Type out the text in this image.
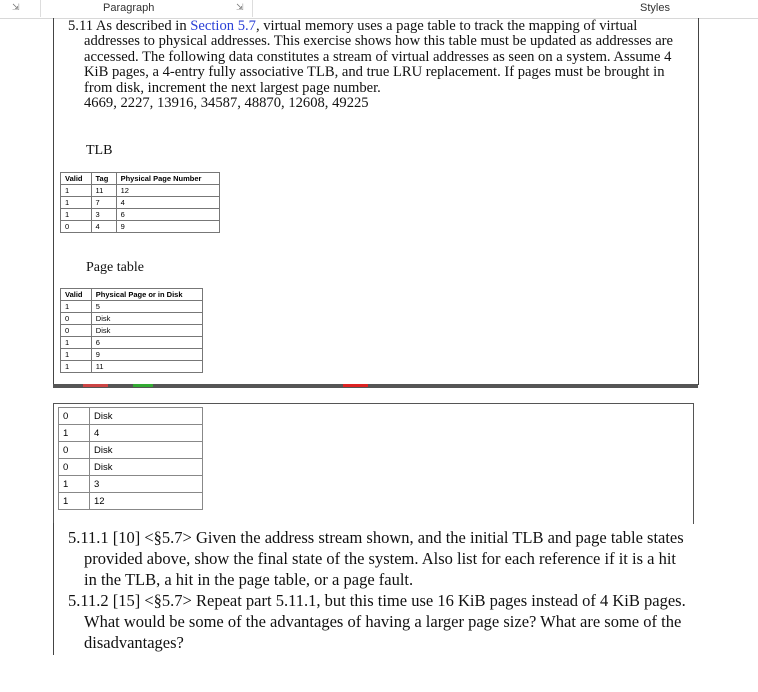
⇲	Paragraph	⇲	Styles

5.11 As described in Section 5.7, virtual memory uses a page table to track the mapping of virtual addresses to physical addresses. This exercise shows how this table must be updated as addresses are accessed. The following data constitutes a stream of virtual addresses as seen on a system. Assume 4 KiB pages, a 4-entry fully associative TLB, and true LRU replacement. If pages must be brought in from disk, increment the next largest page number.

4669, 2227, 13916, 34587, 48870, 12608, 49225

TLB
Valid	Tag	Physical Page Number
1	11	12
1	7	4
1	3	6
0	4	9
Page table
Valid	Physical Page or in Disk
1	5
0	Disk
0	Disk
1	6
1	9
1	11
0	Disk
1	4
0	Disk
0	Disk
1	3
1	12

5.11.1 [10] <§5.7> Given the address stream shown, and the initial TLB and page table states provided above, show the final state of the system. Also list for each reference if it is a hit in the TLB, a hit in the page table, or a page fault.

5.11.2 [15] <§5.7> Repeat part 5.11.1, but this time use 16 KiB pages instead of 4 KiB pages. What would be some of the advantages of having a larger page size? What are some of the disadvantages?
